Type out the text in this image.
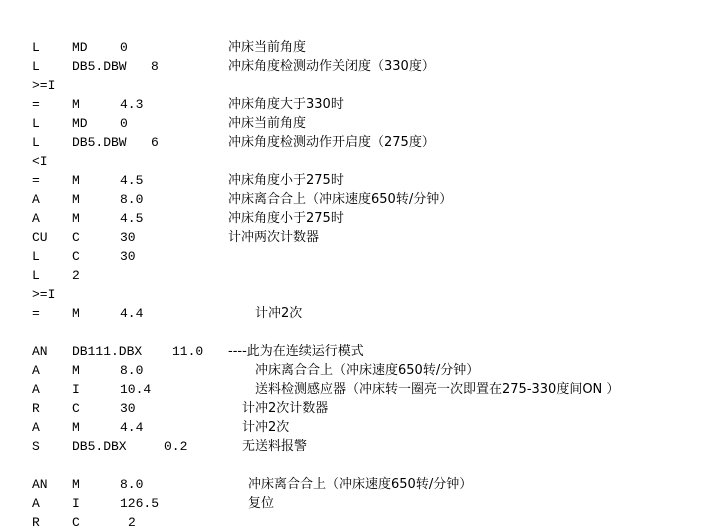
L MD 0	冲床当前角度
L DB5.DBW 8	冲床角度检测动作关闭度（330度）
>=I
= M	4.3	冲床角度大于330时
L MD 0	冲床当前角度
L DB5.DBW 6	冲床角度检测动作开启度（275度）
<I
= M	4.5	冲床角度小于275时
A M	8.0	冲床离合合上（冲床速度650转/分钟）
A M	4.5	冲床角度小于275时
CU C	30	计冲两次计数器
L C	30
L 2
>=I
= M	4.4	计冲2次
AN DB111.DBX 11.0 ----此为在连续运行模式
A M	8.0	冲床离合合上（冲床速度650转/分钟）
A I	10.4	送料检测感应器（冲床转一圈亮一次即置在275-330度间ON ）
R C	30	计冲2次计数器
A M	4.4	计冲2次
S DB5.DBX	0.2	无送料报警
AN M	8.0	冲床离合合上（冲床速度650转/分钟）
A I	126.5	复位
R C	2
